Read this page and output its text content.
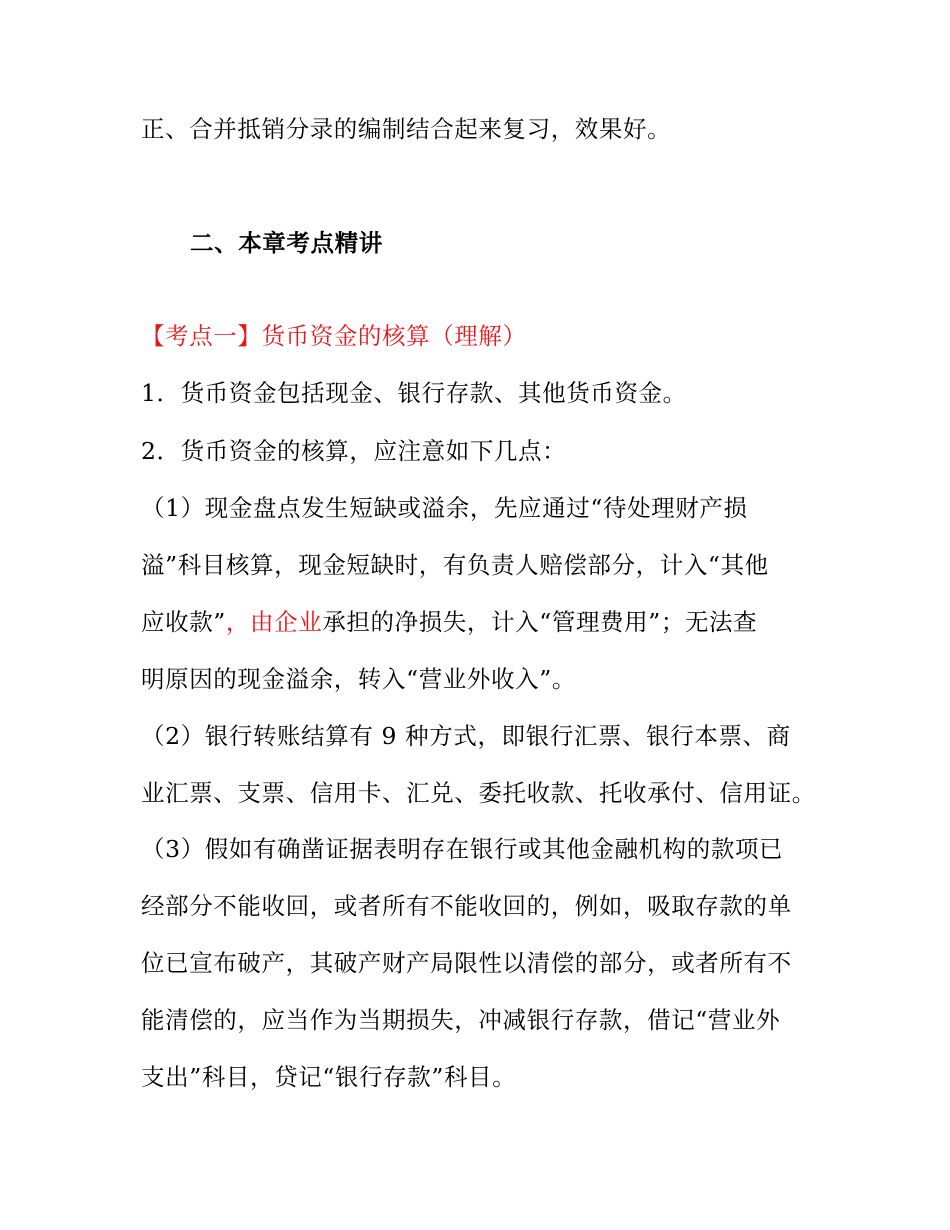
正、合并抵销分录的编制结合起来复习，效果好。
二、本章考点精讲
【考点一】货币资金的核算（理解）
1．货币资金包括现金、银行存款、其他货币资金。
2．货币资金的核算，应注意如下几点：
（1）现金盘点发生短缺或溢余，先应通过“待处理财产损
溢”科目核算，现金短缺时，有负责人赔偿部分，计入“其他
应收款”，由企业承担的净损失，计入“管理费用”；无法查
明原因的现金溢余，转入“营业外收入”。
（2）银行转账结算有 9 种方式，即银行汇票、银行本票、商
业汇票、支票、信用卡、汇兑、委托收款、托收承付、信用证。
（3）假如有确凿证据表明存在银行或其他金融机构的款项已
经部分不能收回，或者所有不能收回的，例如，吸取存款的单
位已宣布破产，其破产财产局限性以清偿的部分，或者所有不
能清偿的，应当作为当期损失，冲减银行存款，借记“营业外
支出”科目，贷记“银行存款”科目。
